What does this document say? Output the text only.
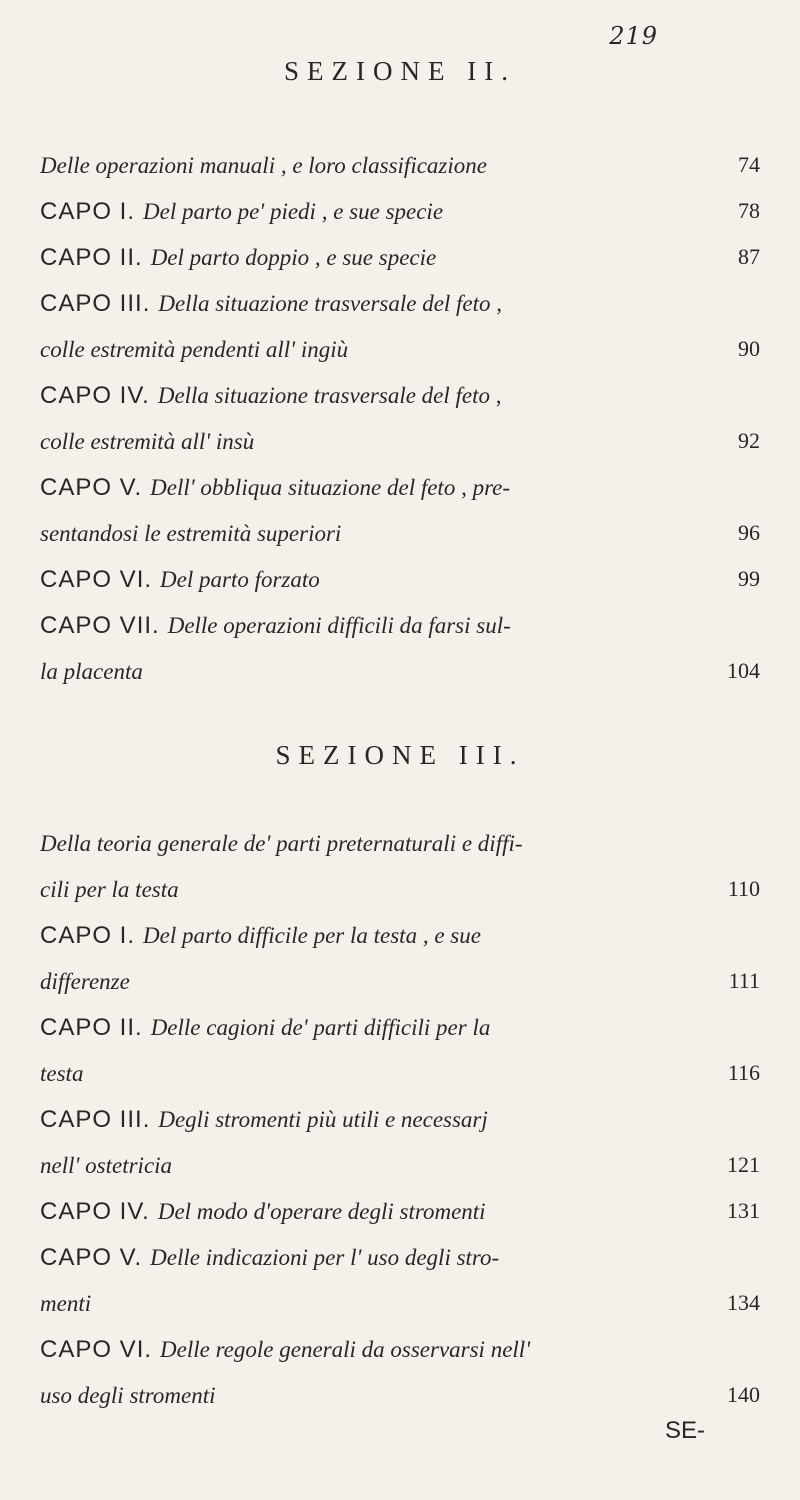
219
SEZIONE II.
Delle operazioni manuali , e loro classificazione	74
CAPO I. Del parto pe' piedi , e sue specie	78
CAPO II. Del parto doppio , e sue specie	87
CAPO III. Della situazione trasversale del feto ,
colle estremità pendenti all' ingiù	90
CAPO IV. Della situazione trasversale del feto ,
colle estremità all' insù	92
CAPO V. Dell' obbliqua situazione del feto , pre-
sentandosi le estremità superiori	96
CAPO VI. Del parto forzato	99
CAPO VII. Delle operazioni difficili da farsi sul-
la placenta	104
SEZIONE III.
Della teoria generale de' parti preternaturali e diffi-
cili per la testa	110
CAPO I. Del parto difficile per la testa , e sue
differenze	111
CAPO II. Delle cagioni de' parti difficili per la
testa	116
CAPO III. Degli stromenti più utili e necessarj
nell' ostetricia	121
CAPO IV. Del modo d'operare degli stromenti	131
CAPO V. Delle indicazioni per l' uso degli stro-
menti	134
CAPO VI. Delle regole generali da osservarsi nell'
uso degli stromenti	140
SE-
